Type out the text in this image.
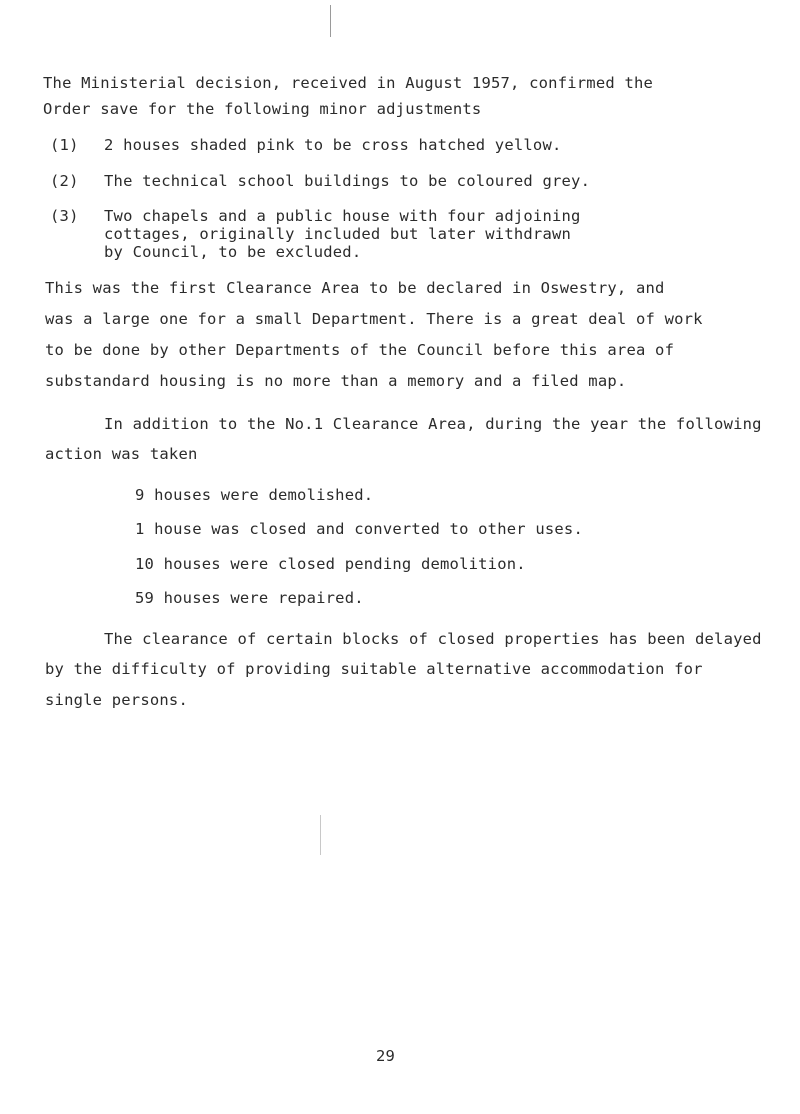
The Ministerial decision, received in August 1957, confirmed the
Order save for the following minor adjustments
(1) 2 houses shaded pink to be cross hatched yellow.
(2) The technical school buildings to be coloured grey.
(3) Two chapels and a public house with four adjoining
cottages, originally included but later withdrawn
by Council, to be excluded.
This was the first Clearance Area to be declared in Oswestry, and
was a large one for a small Department. There is a great deal of work
to be done by other Departments of the Council before this area of
substandard housing is no more than a memory and a filed map.
In addition to the No.1 Clearance Area, during the year the following
action was taken
9 houses were demolished.
1 house was closed and converted to other uses.
10 houses were closed pending demolition.
59 houses were repaired.
The clearance of certain blocks of closed properties has been delayed
by the difficulty of providing suitable alternative accommodation for
single persons.
29
